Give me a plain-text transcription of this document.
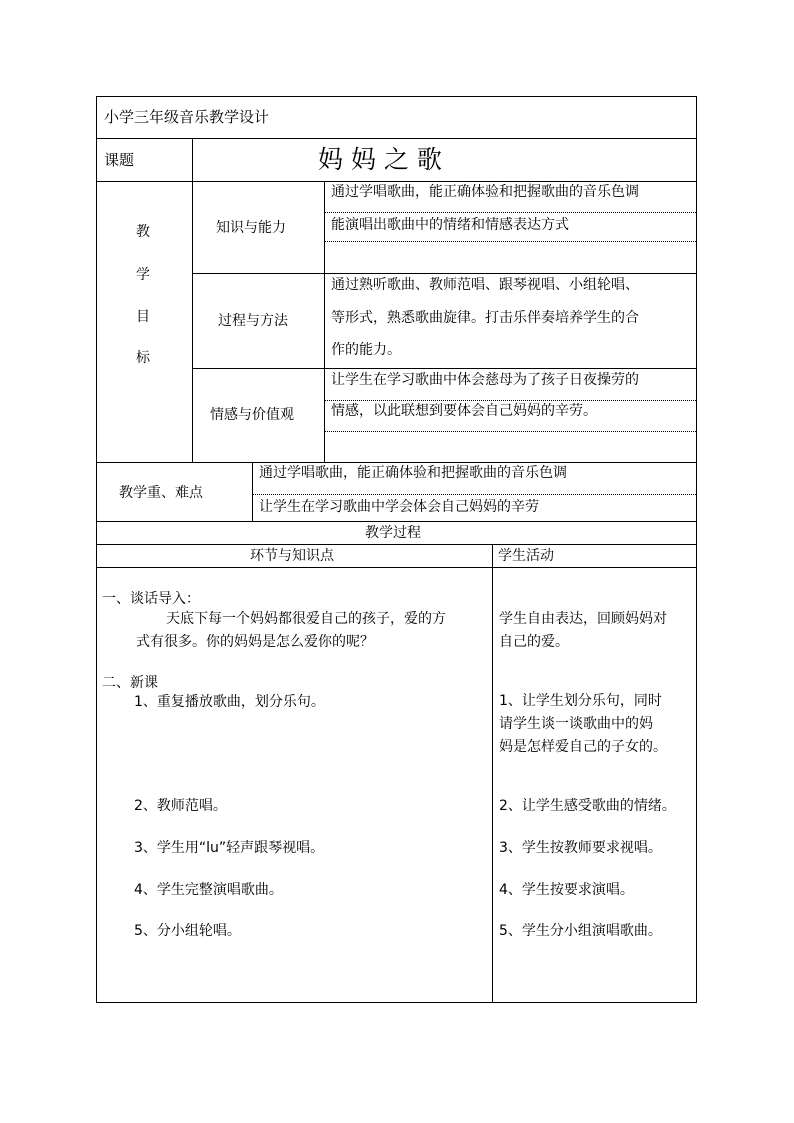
小学三年级音乐教学设计
课题	妈 妈 之 歌
教
学
目
标
知识与能力
通过学唱歌曲，能正确体验和把握歌曲的音乐色调
能演唱出歌曲中的情绪和情感表达方式
过程与方法
通过熟听歌曲、教师范唱、跟琴视唱、小组轮唱、
等形式，熟悉歌曲旋律。打击乐伴奏培养学生的合
作的能力。
情感与价值观
让学生在学习歌曲中体会慈母为了孩子日夜操劳的
情感，以此联想到要体会自己妈妈的辛劳。
教学重、难点
通过学唱歌曲，能正确体验和把握歌曲的音乐色调
让学生在学习歌曲中学会体会自己妈妈的辛劳
教学过程
环节与知识点	学生活动
一、谈话导入：
天底下每一个妈妈都很爱自己的孩子，爱的方
式有很多。你的妈妈是怎么爱你的呢？
二、新课
1、重复播放歌曲，划分乐句。
2、教师范唱。
3、学生用“lu”轻声跟琴视唱。
4、学生完整演唱歌曲。
5、分小组轮唱。
学生自由表达，回顾妈妈对
自己的爱。
1、让学生划分乐句，同时
请学生谈一谈歌曲中的妈
妈是怎样爱自己的子女的。
2、让学生感受歌曲的情绪。
3、学生按教师要求视唱。
4、学生按要求演唱。
5、学生分小组演唱歌曲。
